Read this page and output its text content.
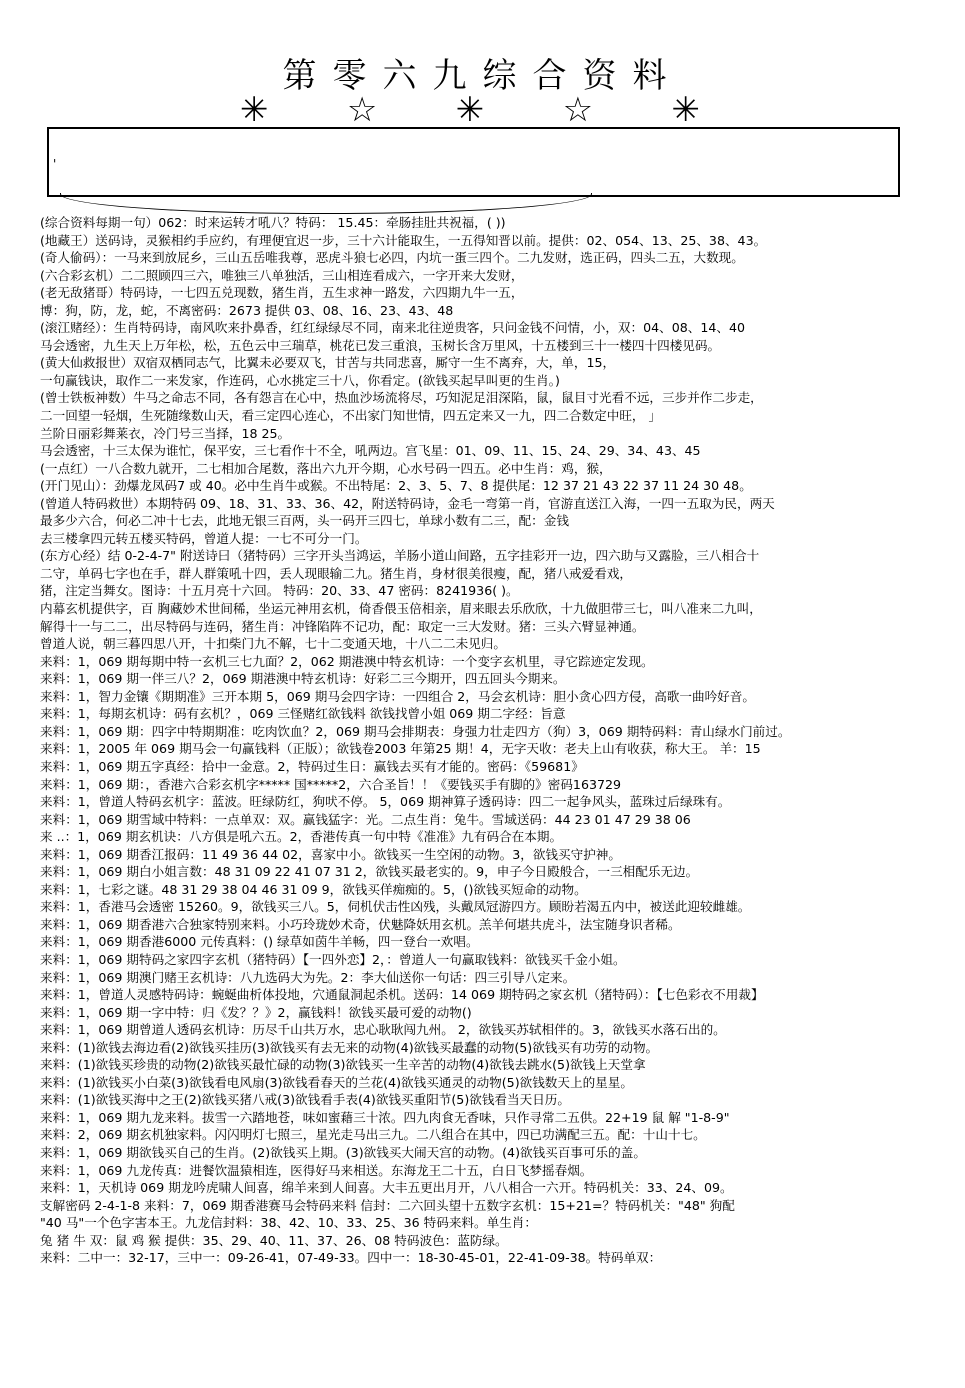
第零六九综合资料
✳ ☆ ✳ ☆ ✳
'
(综合资料每期一句）062：时来运转才吼八？特码： 15.45：牵肠挂肚共祝福，( ))
(地藏王）送码诗，灵猴相约手应约，有理便宜迟一步，三十六计能取生，一五得知晋以前。提供：02、054、13、25、38、43。
(奇人偷码）：一马来到放屁乡，三山五岳唯我尊，恶虎斗狼七必四，内坑一蛋三四个。二九发财，选正码，四头二五，大数现。
(六合彩玄机）二二照顾四三六，唯独三八单独活，三山相连看成六，一字开来大发财，
(老无敌猪哥）特码诗，一七四五兑现数，猪生肖，五生求神一路发，六四期九牛一五，
博：狗，防，龙，蛇，不离密码：2673 提供 03、08、16、23、43、48
(滚江赌经）：生肖特码诗，南风吹来扑鼻香，红红绿绿尽不同，南来北往逆贵客，只问金钱不问情，小，双：04、08、14、40
马会透密，九生天上万年松，松，五色云中三瑞草，桃花已发三重浪，玉树长含万里风，十五楼到三十一楼四十四楼见码。
(黄大仙救报世）双宿双栖同志气，比翼未必要双飞，甘苦与共同悲喜，厮守一生不离弃，大，单，15，
一句赢钱诀，取作二一来发家，作连码，心水挑定三十八，你看定。(欲钱买起早叫更的生肖。)
(曾士铁板神数）牛马之命志不同，各有怨言在心中，热血沙场流将尽，巧知泥足泪深陷，鼠，鼠目寸光看不远，三步并作二步走，
二一回望一轻烟，生死随缘数山天，看三定四心连心，不出家门知世情，四五定来又一九，四二合数定中旺， 」
兰阶日丽彩舞莱衣，冷门号三当择，18 25。
马会透密，十三太保为谁忙，保平安，三七看作十不全，吼两边。宫飞星：01、09、11、15、24、29、34、43、45
(一点红）一八合数九就开，二七相加合尾数，落出六九开今期，心水号码一四五。必中生肖：鸡，猴，
(开门见山）：劲爆龙凤码7 或 40。必中生肖牛或猴。不出特尾：2、3、5、7、8 提供尾：12 37 21 43 22 37 11 24 30 48。
(曾道人特码救世）本期特码 09、18、31、33、36、42，附送特码诗，金毛一弯第一肖，官游直送江入海，一四一五取为民，两天
最多少六合，何必二冲十七去，此地无银三百两，头一码开三四七，单球小数有二三，配：金钱
去三楼拿四元转五楼买特码，曾道人提：一七不可分一门。
(东方心经）结 0-2-4-7" 附送诗曰（猪特码）三字开头当鸿运，羊肠小道山间路，五字挂彩开一边，四六助与又露脸，三八相合十
二守，单码七字也在手，群人群策吼十四，丢人现眼输二九。猪生肖，身材很美很瘦，配，猪八戒爱看戏，
猪，注定当舞女。图诗：十五月亮十六回。 特码：20、33、47 密码：8241936( )。
内幕玄机提供字，百 胸藏妙术世间稀，坐运元神用玄机，倚香偎玉倍相亲，眉来眼去乐欣欣，十九做胆带三七，叫八准来二九叫，
解得十一与二二，出尽特码与连码，猪生肖：冲锋陷阵不记功，配：取定一三大发财。猪：三头六臂显神通。
曾道人说，朝三暮四思八开，十扣柴门九不解，七十二变通天地，十八二二未见归。
来料：1，069 期每期中特一玄机三七九面？2，062 期港澳中特玄机诗：一个变字玄机里，寻它踪迹定发现。
来料：1，069 期一伴三八？2，069 期港澳中特玄机诗：好彩二三今期开，四五回头今期来。
来料：1，智力金镶《期期准》三开本期 5，069 期马会四字诗：一四组合 2，马会玄机诗：胆小贪心四方侵，高歌一曲吟好音。
来料：1，每期玄机诗：码有玄机？，069 三怪赌红欲钱料 欲钱找曾小姐 069 期二字经：旨意
来料：1，069 期：四字中特期期准：吃肉饮血？2，069 期马会排期表：身强力壮走四方（狗）3，069 期特码料：青山绿水门前过。
来料：1，2005 年 069 期马会一句赢钱料（正版）；欲钱卷2003 年第25 期！4，无字天收：老夫上山有收获，称大王。 羊：15
来料：1，069 期五字真经：拾中一金意。2，特码过生日：赢钱去买有才能的。密码：《59681》
来料：1，069 期：，香港六合彩玄机字***** 国*****2，六合圣旨！！《要钱买手有脚的》密码163729
来料：1，曾道人特码玄机字：蓝波。旺绿防红，狗吠不停。 5，069 期神算子透码诗：四二一起争风头，蓝珠过后绿珠有。
来料：1，069 期雪域中特料：一点单双：双。赢钱猛字：光。二点生肖：兔牛。雪域送码：44 23 01 47 29 38 06
来 ..：1，069 期玄机诀：八方俱是吼六五。2，香港传真一句中特《准准》九有码合在本期。
来料：1，069 期香江报码：11 49 36 44 02，喜家中小。欲钱买一生空闲的动物。3，欲钱买守护神。
来料：1，069 期白小姐言数：48 31 09 22 41 07 31 2，欲钱买最老实的。9，申子今日殿般合，一三相配乐无边。
来料：1，七彩之谜。48 31 29 38 04 46 31 09 9，欲钱买佯痴痴的。5，()欲钱买短命的动物。
来料：1，香港马会透密 15260。9，欲钱买三八。5，伺机伏击性凶残，头戴凤冠游四方。顾盼若渴五内中，被送此迎较雌雄。
来料：1，069 期香港六合独家特别来料。小巧玲珑妙术奇，伏魅降妖用玄机。羔羊何堪共虎斗，法宝随身识者稀。
来料：1，069 期香港6000 元传真料：() 绿草如茵牛羊畅，四一登台一欢唱。
来料：1，069 期特码之家四字玄机（猪特码）【一四外恋】2，：曾道人一句赢取钱料：欲钱买千金小姐。
来料：1，069 期澳门赌王玄机诗：八九选码大为先。2：李大仙送你一句话：四三引导八定来。
来料：1，曾道人灵感特码诗：蜿蜒曲析体投地，穴通鼠洞起杀机。送码：14 069 期特码之家玄机（猪特码）：【七色彩衣不用裁】
来料：1，069 期一字中特：归《发？？》2，赢钱料！欲钱买最可爱的动物()
来料：1，069 期曾道人透码玄机诗：历尽千山共万水，忠心耿耿闯九州。 2，欲钱买苏轼相伴的。3，欲钱买水落石出的。
来料：(1)欲钱去海边看(2)欲钱买挂历(3)欲钱买有去无来的动物(4)欲钱买最蠢的动物(5)欲钱买有功劳的动物。
来料：(1)欲钱买珍贵的动物(2)欲钱买最忙碌的动物(3)欲钱买一生辛苦的动物(4)欲钱去跳水(5)欲钱上天堂拿
来料：(1)欲钱买小白菜(3)欲钱看电风扇(3)欲钱看春天的兰花(4)欲钱买通灵的动物(5)欲钱数天上的星星。
来料：(1)欲钱买海中之王(2)欲钱买猪八戒(3)欲钱看手表(4)欲钱买重阳节(5)欲钱看当天日历。
来料：1，069 期九龙来料。拔雪一六踏地苍，味如蜜藉三十浓。四九肉食无香味，只作寻常二五供。22+19 鼠 解 "1-8-9"
来料：2，069 期玄机独家料。闪闪明灯七照三，星光走马出三九。二八组合在其中，四已功满配三五。配：十山十七。
来料：1，069 期欲钱买自己的生肖。(2)欲钱买上期。(3)欲钱买大闹天宫的动物。(4)欲钱买百事可乐的盖。
来料：1，069 九龙传真：进餐饮温猿相连，医得好马来相送。东海龙王二十五，白日飞梦摇春烟。
来料：1，天机诗 069 期龙吟虎啸人间喜，绵羊来到人间喜。大丰五更出月开，八八相合一六开。特码机关：33、24、09。
支解密码 2-4-1-8 来料：7，069 期香港赛马会特码来料 信封：二六回头望十五数字玄机：15+21=？特码机关："48" 狗配
"40 马"一个色字害本王。九龙信封料：38、42、10、33、25、36 特码来料。单生肖：
兔 猪 牛 双：鼠 鸡 猴 提供：35、29、40、11、37、26、08 特码波色：蓝防绿。
来料：二中一：32-17，三中一：09-26-41，07-49-33。四中一：18-30-45-01，22-41-09-38。特码单双：
